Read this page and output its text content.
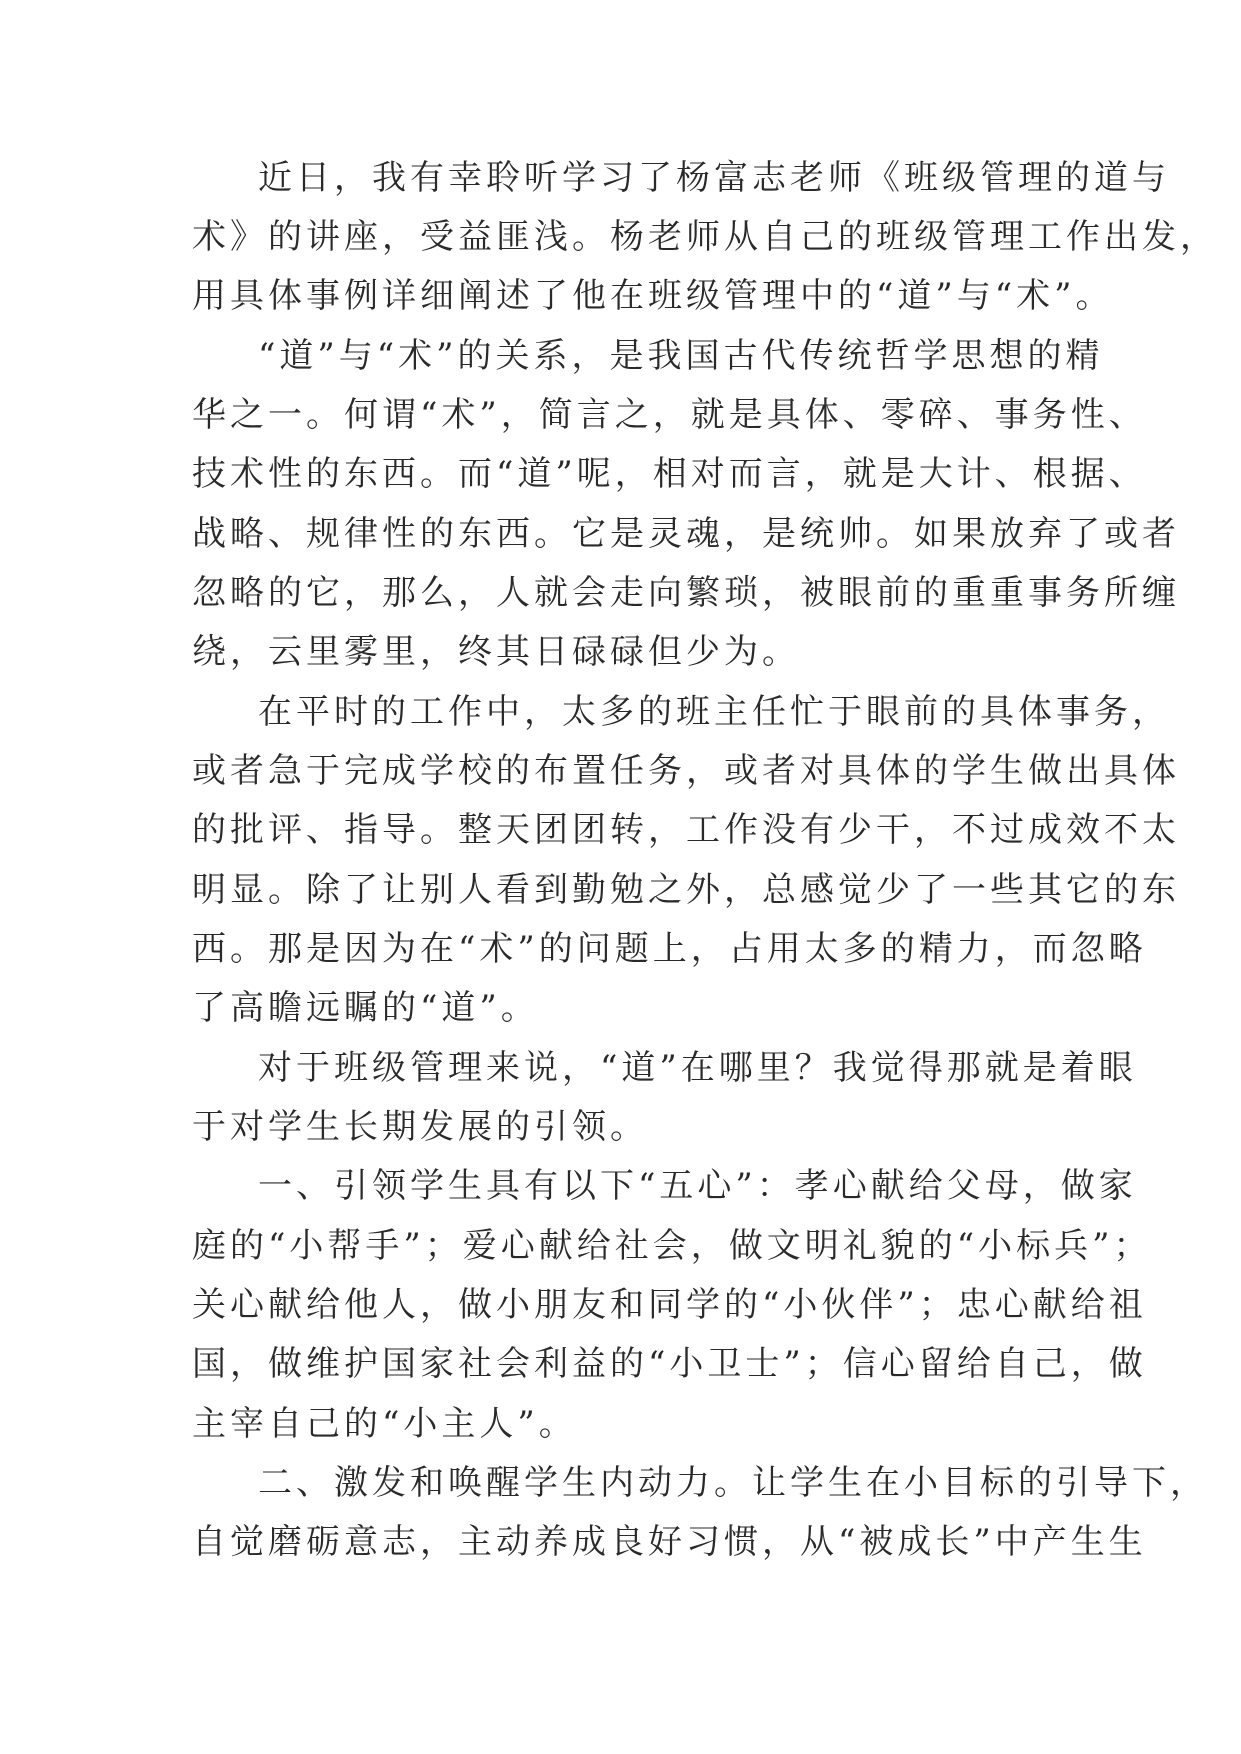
近日，我有幸聆听学习了杨富志老师《班级管理的道与
术》的讲座，受益匪浅。杨老师从自己的班级管理工作出发，
用具体事例详细阐述了他在班级管理中的“道”与“术”。
“道”与“术”的关系，是我国古代传统哲学思想的精
华之一。何谓“术”，简言之，就是具体、零碎、事务性、
技术性的东西。而“道”呢，相对而言，就是大计、根据、
战略、规律性的东西。它是灵魂，是统帅。如果放弃了或者
忽略的它，那么，人就会走向繁琐，被眼前的重重事务所缠
绕，云里雾里，终其日碌碌但少为。
在平时的工作中，太多的班主任忙于眼前的具体事务，
或者急于完成学校的布置任务，或者对具体的学生做出具体
的批评、指导。整天团团转，工作没有少干，不过成效不太
明显。除了让别人看到勤勉之外，总感觉少了一些其它的东
西。那是因为在“术”的问题上，占用太多的精力，而忽略
了高瞻远瞩的“道”。
对于班级管理来说，“道”在哪里？我觉得那就是着眼
于对学生长期发展的引领。
一、引领学生具有以下“五心”：孝心献给父母，做家
庭的“小帮手”；爱心献给社会，做文明礼貌的“小标兵”；
关心献给他人，做小朋友和同学的“小伙伴”；忠心献给祖
国，做维护国家社会利益的“小卫士”；信心留给自己，做
主宰自己的“小主人”。
二、激发和唤醒学生内动力。让学生在小目标的引导下，
自觉磨砺意志，主动养成良好习惯，从“被成长”中产生生
